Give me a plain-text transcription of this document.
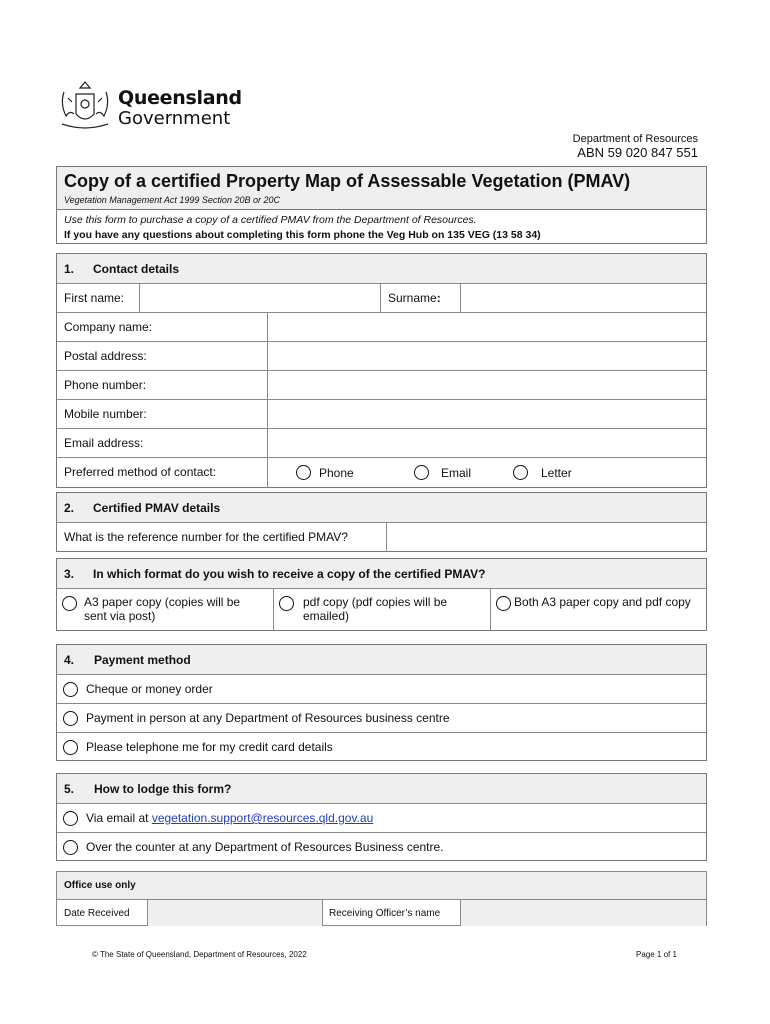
Queensland
Government
Department of Resources
ABN 59 020 847 551
Copy of a certified Property Map of Assessable Vegetation (PMAV)
Vegetation Management Act 1999 Section 20B or 20C
Use this form to purchase a copy of a certified PMAV from the Department of Resources.
If you have any questions about completing this form phone the Veg Hub on 135 VEG (13 58 34)
1. Contact details
First name:	Surname:
Company name:
Postal address:
Phone number:
Mobile number:
Email address:
Preferred method of contact:	Phone	Email	Letter
2. Certified PMAV details
What is the reference number for the certified PMAV?
3. In which format do you wish to receive a copy of the certified PMAV?
A3 paper copy (copies will be
sent via post)
pdf copy (pdf copies will be
emailed)
Both A3 paper copy and pdf copy
4. Payment method
Cheque or money order
Payment in person at any Department of Resources business centre
Please telephone me for my credit card details
5. How to lodge this form?
Via email at vegetation.support@resources.qld.gov.au
Over the counter at any Department of Resources Business centre.
Office use only
Date Received	Receiving Officer’s name
© The State of Queensland, Department of Resources, 2022	Page 1 of 1
